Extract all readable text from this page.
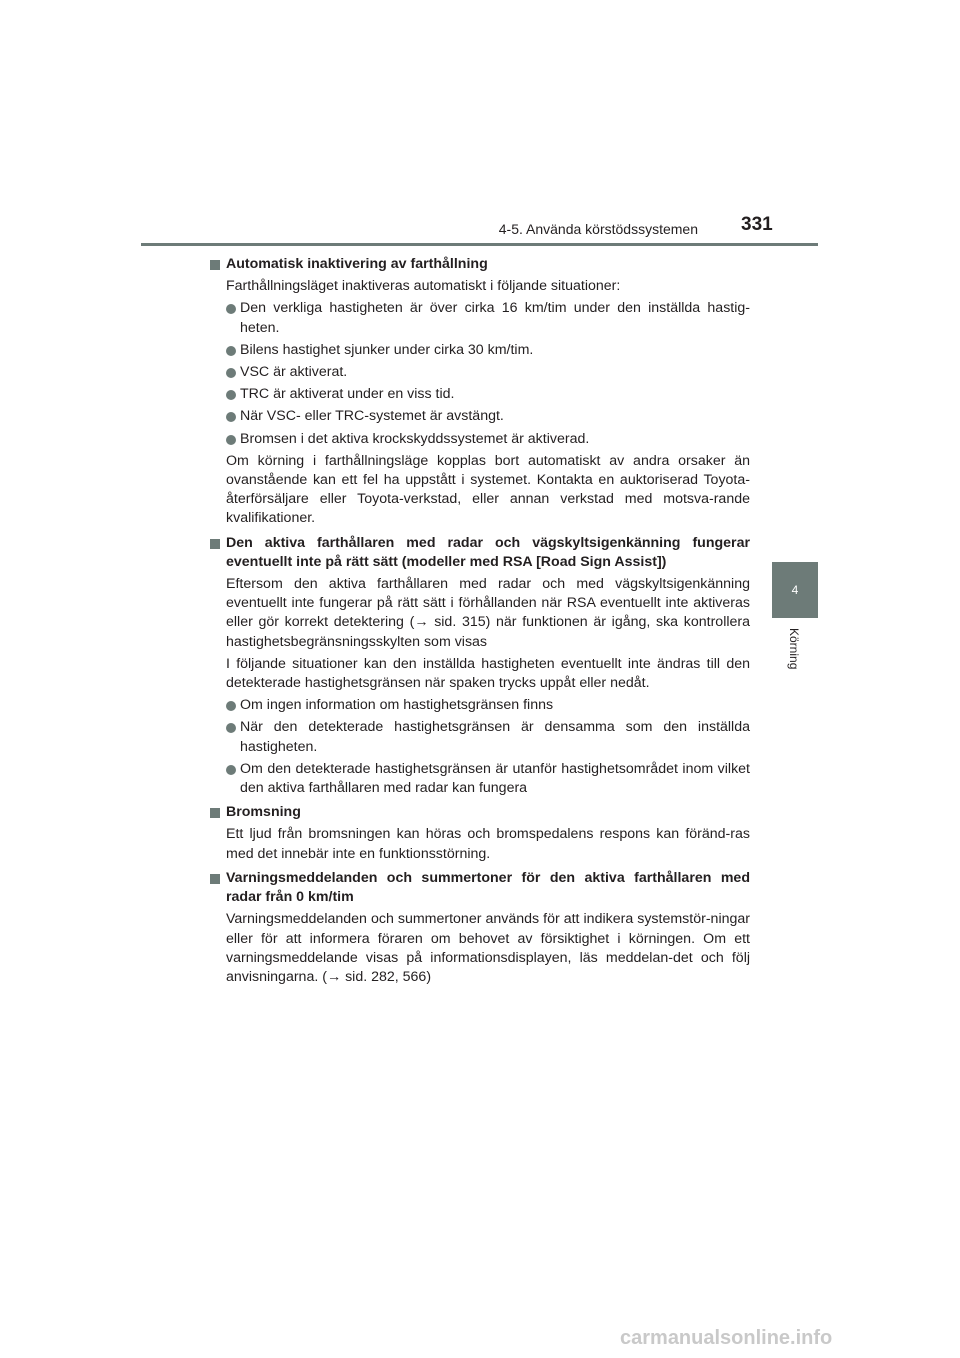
4-5. Använda körstödssystemen 331
4
Körning
Automatisk inaktivering av farthållning
Farthållningsläget inaktiveras automatiskt i följande situationer:
Den verkliga hastigheten är över cirka 16 km/tim under den inställda hastig-heten.
Bilens hastighet sjunker under cirka 30 km/tim.
VSC är aktiverat.
TRC är aktiverat under en viss tid.
När VSC- eller TRC-systemet är avstängt.
Bromsen i det aktiva krockskyddssystemet är aktiverad.
Om körning i farthållningsläge kopplas bort automatiskt av andra orsaker än ovanstående kan ett fel ha uppstått i systemet. Kontakta en auktoriserad Toyota-återförsäljare eller Toyota-verkstad, eller annan verkstad med motsva-rande kvalifikationer.
Den aktiva farthållaren med radar och vägskyltsigenkänning fungerar eventuellt inte på rätt sätt (modeller med RSA [Road Sign Assist])
Eftersom den aktiva farthållaren med radar och med vägskyltsigenkänning eventuellt inte fungerar på rätt sätt i förhållanden när RSA eventuellt inte aktiveras eller gör korrekt detektering (→ sid. 315) när funktionen är igång, ska kontrollera hastighetsbegränsningsskylten som visas
I följande situationer kan den inställda hastigheten eventuellt inte ändras till den detekterade hastighetsgränsen när spaken trycks uppåt eller nedåt.
Om ingen information om hastighetsgränsen finns
När den detekterade hastighetsgränsen är densamma som den inställda hastigheten.
Om den detekterade hastighetsgränsen är utanför hastighetsområdet inom vilket den aktiva farthållaren med radar kan fungera
Bromsning
Ett ljud från bromsningen kan höras och bromspedalens respons kan föränd-ras med det innebär inte en funktionsstörning.
Varningsmeddelanden och summertoner för den aktiva farthållaren med radar från 0 km/tim
Varningsmeddelanden och summertoner används för att indikera systemstör-ningar eller för att informera föraren om behovet av försiktighet i körningen. Om ett varningsmeddelande visas på informationsdisplayen, läs meddelan-det och följ anvisningarna. (→ sid. 282, 566)
carmanualsonline.info
